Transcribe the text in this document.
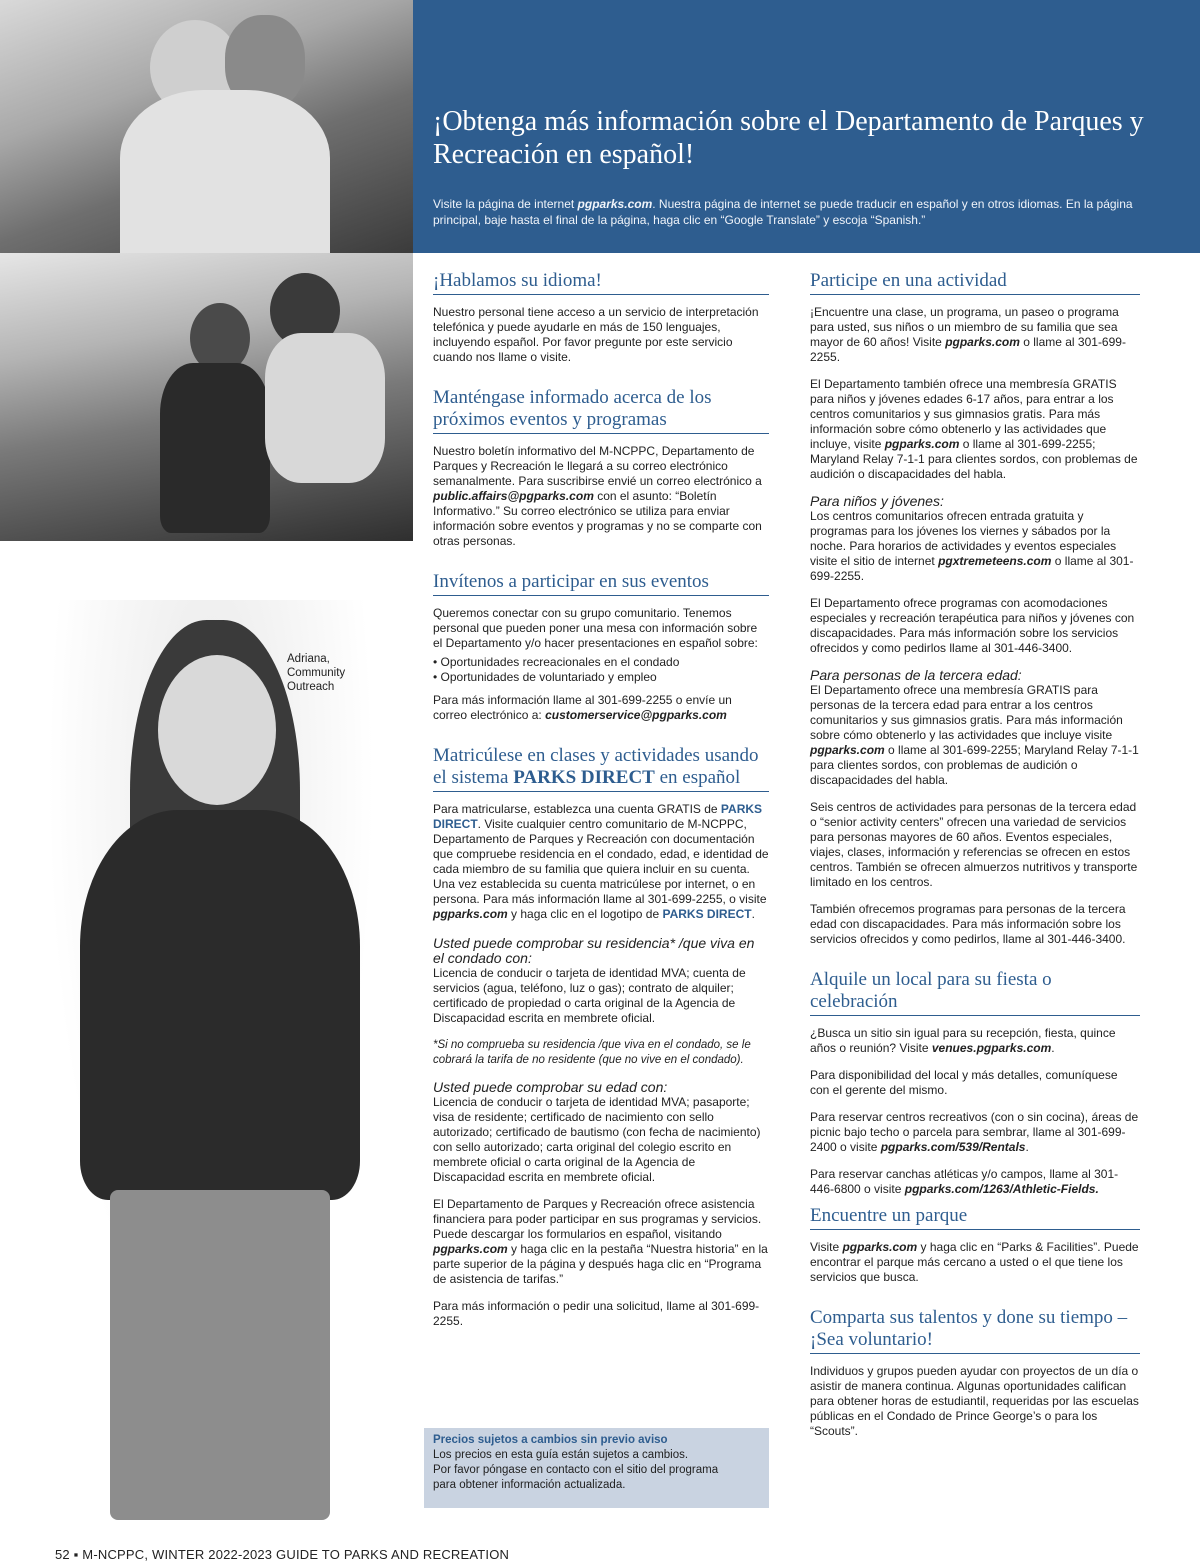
Adriana, Community Outreach
¡Obtenga más información sobre el Departamento de Parques y Recreación en español!
Visite la página de internet pgparks.com. Nuestra página de internet se puede traducir en español y en otros idiomas. En la página principal, baje hasta el final de la página, haga clic en “Google Translate” y escoja “Spanish.”
¡Hablamos su idioma!
Nuestro personal tiene acceso a un servicio de interpretación telefónica y puede ayudarle en más de 150 lenguajes, incluyendo español. Por favor pregunte por este servicio cuando nos llame o visite.
Manténgase informado acerca de los próximos eventos y programas
Nuestro boletín informativo del M-NCPPC, Departamento de Parques y Recreación le llegará a su correo electrónico semanalmente. Para suscribirse envié un correo electrónico a public.affairs@pgparks.com con el asunto: “Boletín Informativo.” Su correo electrónico se utiliza para enviar información sobre eventos y programas y no se comparte con otras personas.
Invítenos a participar en sus eventos
Queremos conectar con su grupo comunitario. Tenemos personal que pueden poner una mesa con información sobre el Departamento y/o hacer presentaciones en español sobre:
• Oportunidades recreacionales en el condado
• Oportunidades de voluntariado y empleo
Para más información llame al 301-699-2255 o envíe un correo electrónico a: customerservice@pgparks.com
Matricúlese en clases y actividades usando el sistema PARKS DIRECT en español
Para matricularse, establezca una cuenta GRATIS de PARKS DIRECT. Visite cualquier centro comunitario de M-NCPPC, Departamento de Parques y Recreación con documentación que compruebe residencia en el condado, edad, e identidad de cada miembro de su familia que quiera incluir en su cuenta. Una vez establecida su cuenta matricúlese por internet, o en persona. Para más información llame al 301-699-2255, o visite pgparks.com y haga clic en el logotipo de PARKS DIRECT.
Usted puede comprobar su residencia* /que viva en el condado con:
Licencia de conducir o tarjeta de identidad MVA; cuenta de servicios (agua, teléfono, luz o gas); contrato de alquiler; certificado de propiedad o carta original de la Agencia de Discapacidad escrita en membrete oficial.
*Si no comprueba su residencia /que viva en el condado, se le cobrará la tarifa de no residente (que no vive en el condado).
Usted puede comprobar su edad con:
Licencia de conducir o tarjeta de identidad MVA; pasaporte; visa de residente; certificado de nacimiento con sello autorizado; certificado de bautismo (con fecha de nacimiento) con sello autorizado; carta original del colegio escrito en membrete oficial o carta original de la Agencia de Discapacidad escrita en membrete oficial.
El Departamento de Parques y Recreación ofrece asistencia financiera para poder participar en sus programas y servicios. Puede descargar los formularios en español, visitando pgparks.com y haga clic en la pestaña “Nuestra historia” en la parte superior de la página y después haga clic en “Programa de asistencia de tarifas.”
Para más información o pedir una solicitud, llame al 301-699-2255.
Precios sujetos a cambios sin previo aviso
Los precios en esta guía están sujetos a cambios.
Por favor póngase en contacto con el sitio del programa
para obtener información actualizada.
Participe en una actividad
¡Encuentre una clase, un programa, un paseo o programa para usted, sus niños o un miembro de su familia que sea mayor de 60 años! Visite pgparks.com o llame al 301-699-2255.
El Departamento también ofrece una membresía GRATIS para niños y jóvenes edades 6-17 años, para entrar a los centros comunitarios y sus gimnasios gratis. Para más información sobre cómo obtenerlo y las actividades que incluye, visite pgparks.com o llame al 301-699-2255; Maryland Relay 7-1-1 para clientes sordos, con problemas de audición o discapacidades del habla.
Para niños y jóvenes:
Los centros comunitarios ofrecen entrada gratuita y programas para los jóvenes los viernes y sábados por la noche. Para horarios de actividades y eventos especiales visite el sitio de internet pgxtremeteens.com o llame al 301-699-2255.
El Departamento ofrece programas con acomodaciones especiales y recreación terapéutica para niños y jóvenes con discapacidades. Para más información sobre los servicios ofrecidos y como pedirlos llame al 301-446-3400.
Para personas de la tercera edad:
El Departamento ofrece una membresía GRATIS para personas de la tercera edad para entrar a los centros comunitarios y sus gimnasios gratis. Para más información sobre cómo obtenerlo y las actividades que incluye visite pgparks.com o llame al 301-699-2255; Maryland Relay 7-1-1 para clientes sordos, con problemas de audición o discapacidades del habla.
Seis centros de actividades para personas de la tercera edad o “senior activity centers” ofrecen una variedad de servicios para personas mayores de 60 años. Eventos especiales, viajes, clases, información y referencias se ofrecen en estos centros. También se ofrecen almuerzos nutritivos y transporte limitado en los centros.
También ofrecemos programas para personas de la tercera edad con discapacidades. Para más información sobre los servicios ofrecidos y como pedirlos, llame al 301-446-3400.
Alquile un local para su fiesta o celebración
¿Busca un sitio sin igual para su recepción, fiesta, quince años o reunión? Visite venues.pgparks.com.
Para disponibilidad del local y más detalles, comuníquese con el gerente del mismo.
Para reservar centros recreativos (con o sin cocina), áreas de picnic bajo techo o parcela para sembrar, llame al 301-699-2400 o visite pgparks.com/539/Rentals.
Para reservar canchas atléticas y/o campos, llame al 301-446-6800 o visite pgparks.com/1263/Athletic-Fields.
Encuentre un parque
Visite pgparks.com y haga clic en “Parks & Facilities”. Puede encontrar el parque más cercano a usted o el que tiene los servicios que busca.
Comparta sus talentos y done su tiempo – ¡Sea voluntario!
Individuos y grupos pueden ayudar con proyectos de un día o asistir de manera continua. Algunas oportunidades califican para obtener horas de estudiantil, requeridas por las escuelas públicas en el Condado de Prince George’s o para los “Scouts”.
52 ▪ M-NCPPC, WINTER 2022-2023 GUIDE TO PARKS AND RECREATION
